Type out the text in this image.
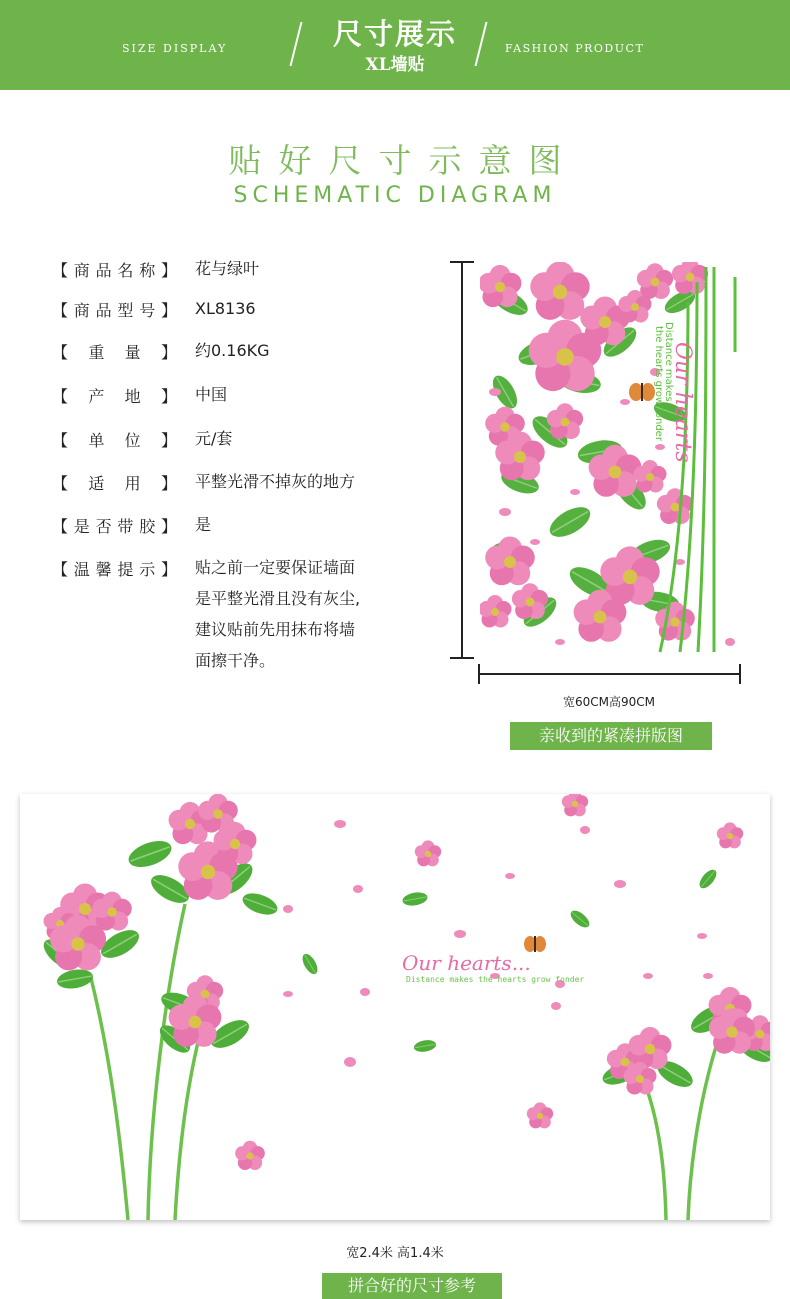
SIZE DISPLAY	尺寸展示
XL墙贴
FASHION PRODUCT
贴好尺寸示意图
SCHEMATIC DIAGRAM
【 商 品 名 称 】 花与绿叶
【 商 品 型 号 】 XL8136
【 重 量 】 约0.16KG
【 产 地 】 中国
【 单 位 】 元/套
【 适 用 】 平整光滑不掉灰的地方
【 是 否 带 胶 】 是
【 温 馨 提 示 】 贴之前一定要保证墙面
是平整光滑且没有灰尘,
建议贴前先用抹布将墙
面擦干净。
Distance makes
the hearts grow fonder Our hearts
宽60CM高90CM
亲收到的紧凑拼版图
Our hearts...
Distance makes the hearts grow fonder
宽2.4米 高1.4米
拼合好的尺寸参考
